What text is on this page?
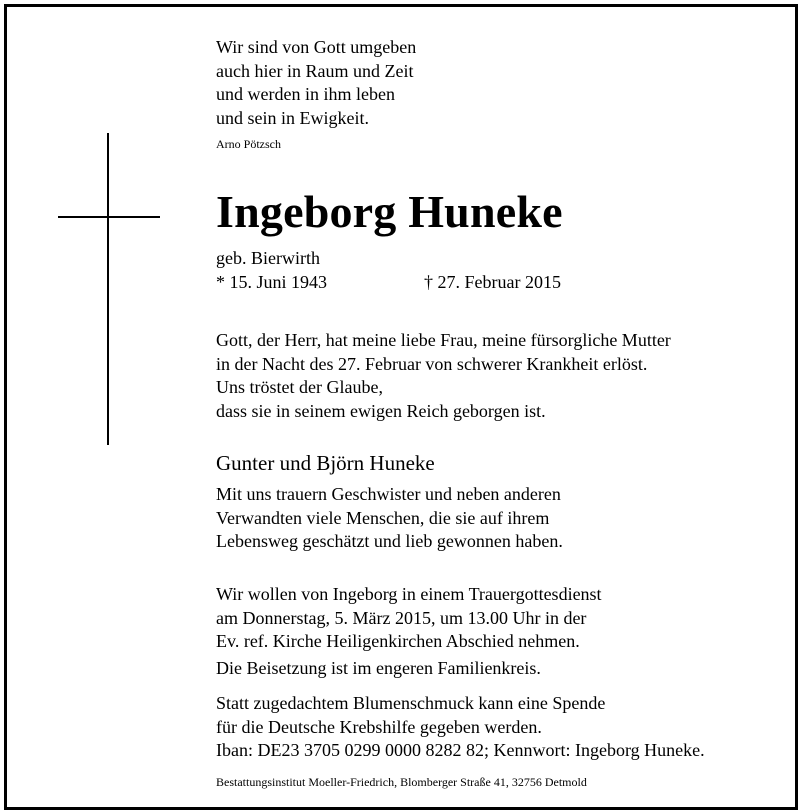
Wir sind von Gott umgeben
auch hier in Raum und Zeit
und werden in ihm leben
und sein in Ewigkeit.
Arno Pötzsch
Ingeborg Huneke
geb. Bierwirth
* 15. Juni 1943	† 27. Februar 2015
Gott, der Herr, hat meine liebe Frau, meine fürsorgliche Mutter
in der Nacht des 27. Februar von schwerer Krankheit erlöst.
Uns tröstet der Glaube,
dass sie in seinem ewigen Reich geborgen ist.
Gunter und Björn Huneke
Mit uns trauern Geschwister und neben anderen
Verwandten viele Menschen, die sie auf ihrem
Lebensweg geschätzt und lieb gewonnen haben.
Wir wollen von Ingeborg in einem Trauergottesdienst
am Donnerstag, 5. März 2015, um 13.00 Uhr in der
Ev. ref. Kirche Heiligenkirchen Abschied nehmen.
Die Beisetzung ist im engeren Familienkreis.
Statt zugedachtem Blumenschmuck kann eine Spende
für die Deutsche Krebshilfe gegeben werden.
Iban: DE23 3705 0299 0000 8282 82; Kennwort: Ingeborg Huneke.
Bestattungsinstitut Moeller-Friedrich, Blomberger Straße 41, 32756 Detmold
